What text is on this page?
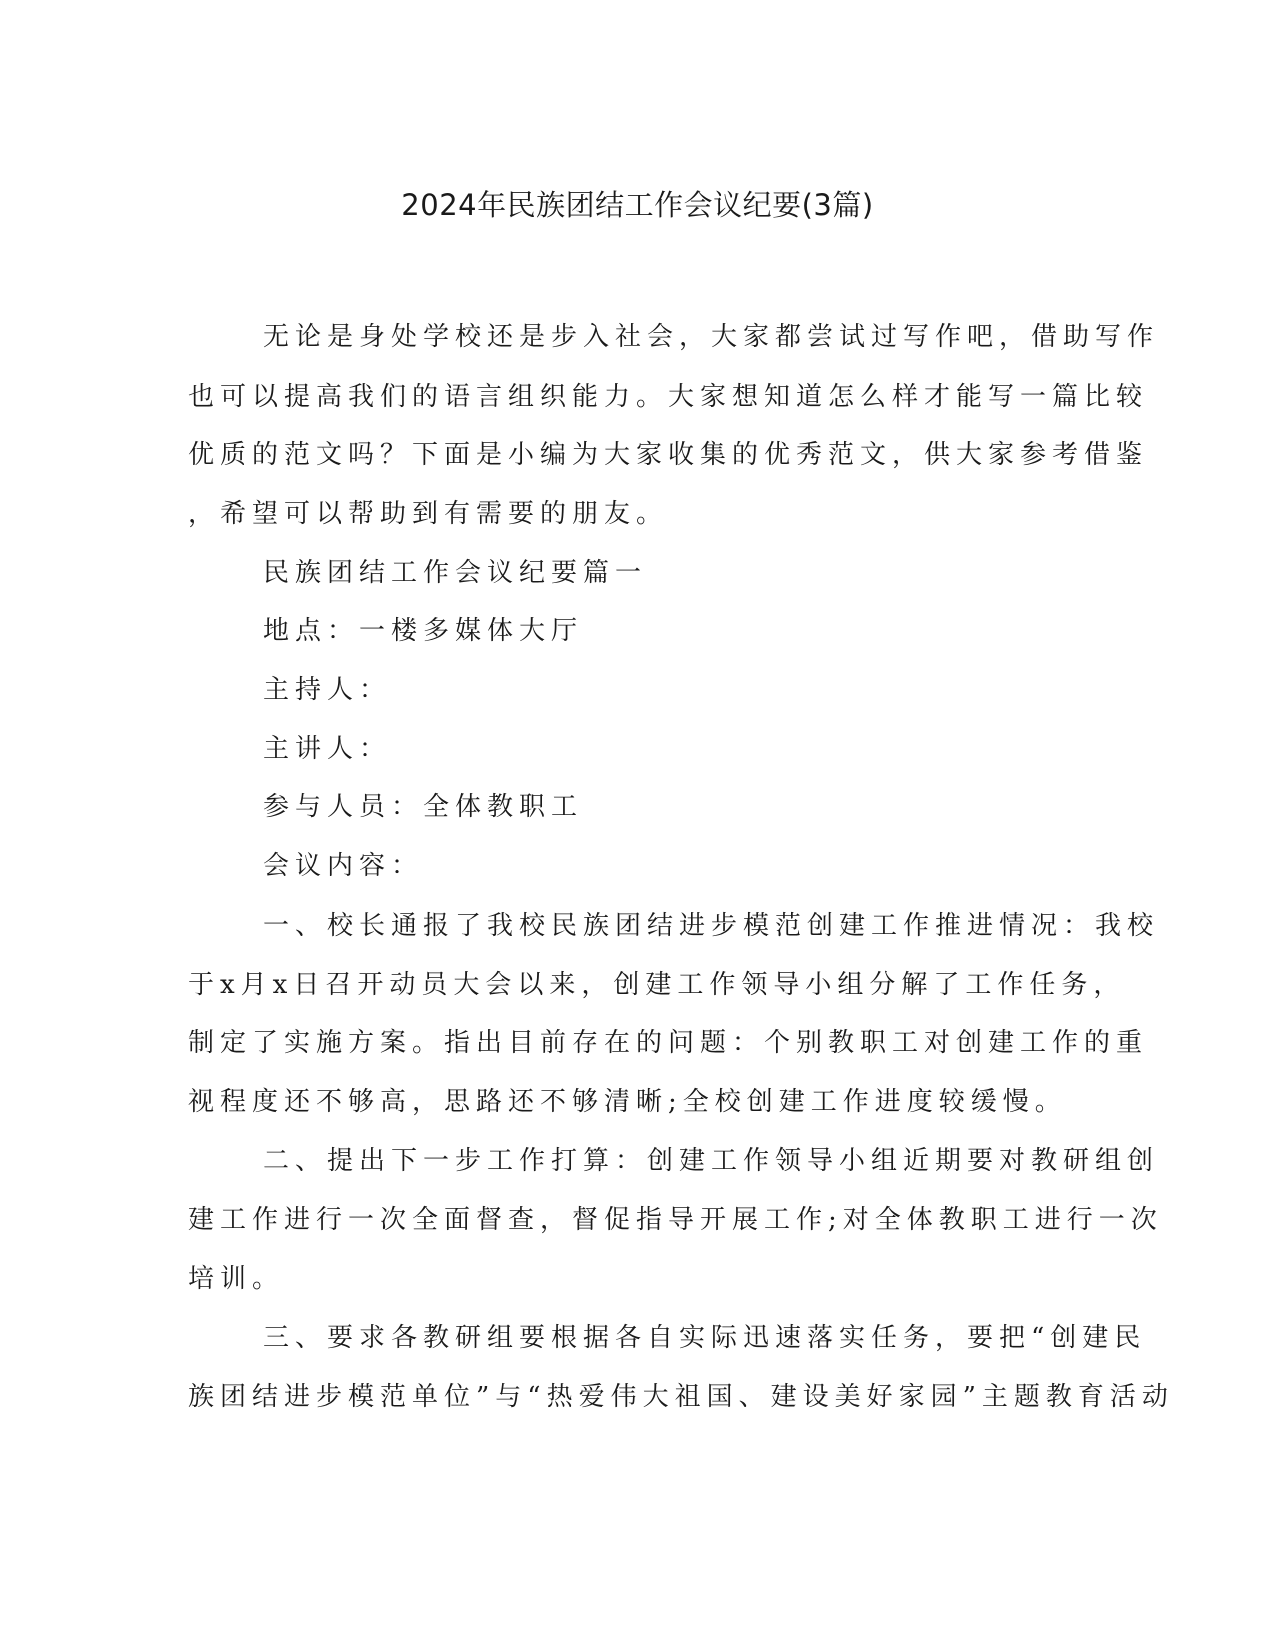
2024年民族团结工作会议纪要(3篇)
无论是身处学校还是步入社会，大家都尝试过写作吧，借助写作
也可以提高我们的语言组织能力。大家想知道怎么样才能写一篇比较
优质的范文吗？下面是小编为大家收集的优秀范文，供大家参考借鉴
，希望可以帮助到有需要的朋友。
民族团结工作会议纪要篇一
地点：一楼多媒体大厅
主持人：
主讲人：
参与人员：全体教职工
会议内容：
一、校长通报了我校民族团结进步模范创建工作推进情况：我校
于x月x日召开动员大会以来，创建工作领导小组分解了工作任务，
制定了实施方案。指出目前存在的问题：个别教职工对创建工作的重
视程度还不够高，思路还不够清晰;全校创建工作进度较缓慢。
二、提出下一步工作打算：创建工作领导小组近期要对教研组创
建工作进行一次全面督查，督促指导开展工作;对全体教职工进行一次
培训。
三、要求各教研组要根据各自实际迅速落实任务，要把“创建民
族团结进步模范单位”与“热爱伟大祖国、建设美好家园”主题教育活动
